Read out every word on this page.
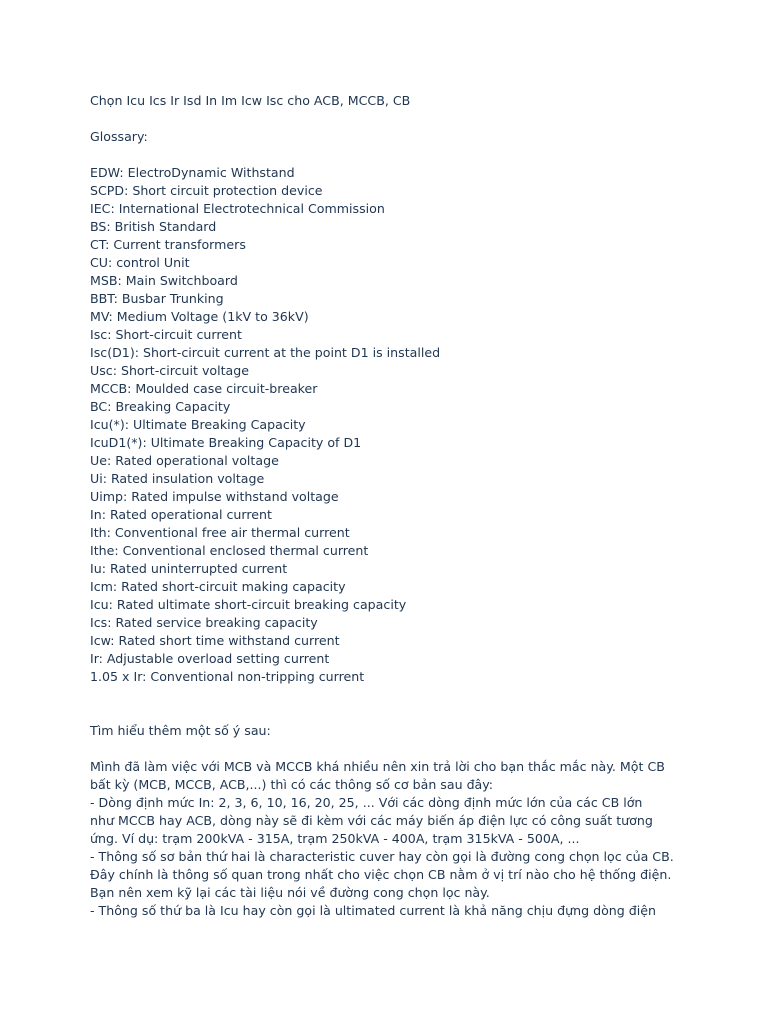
Chọn Icu Ics Ir Isd In Im Icw Isc cho ACB, MCCB, CB

Glossary:

EDW: ElectroDynamic Withstand
SCPD: Short circuit protection device
IEC: International Electrotechnical Commission
BS: British Standard
CT: Current transformers
CU: control Unit
MSB: Main Switchboard
BBT: Busbar Trunking
MV: Medium Voltage (1kV to 36kV)
Isc: Short-circuit current
Isc(D1): Short-circuit current at the point D1 is installed
Usc: Short-circuit voltage
MCCB: Moulded case circuit-breaker
BC: Breaking Capacity
Icu(*): Ultimate Breaking Capacity
IcuD1(*): Ultimate Breaking Capacity of D1
Ue: Rated operational voltage
Ui: Rated insulation voltage
Uimp: Rated impulse withstand voltage
In: Rated operational current
Ith: Conventional free air thermal current
Ithe: Conventional enclosed thermal current
Iu: Rated uninterrupted current
Icm: Rated short-circuit making capacity
Icu: Rated ultimate short-circuit breaking capacity
Ics: Rated service breaking capacity
Icw: Rated short time withstand current
Ir: Adjustable overload setting current
1.05 x Ir: Conventional non-tripping current

Tìm hiểu thêm một số ý sau:

Mình đã làm việc với MCB và MCCB khá nhiều nên xin trả lời cho bạn thắc mắc này. Một CB

bất kỳ (MCB, MCCB, ACB,...) thì có các thông số cơ bản sau đây:

- Dòng định mức In: 2, 3, 6, 10, 16, 20, 25, ... Với các dòng định mức lớn của các CB lớn

như MCCB hay ACB, dòng này sẽ đi kèm với các máy biến áp điện lực có công suất tương

ứng. Ví dụ: trạm 200kVA - 315A, trạm 250kVA - 400A, trạm 315kVA - 500A, ...

- Thông số sơ bản thứ hai là characteristic cuver hay còn gọi là đường cong chọn lọc của CB.

Đây chính là thông số quan trong nhất cho việc chọn CB nằm ở vị trí nào cho hệ thống điện.

Bạn nên xem kỹ lại các tài liệu nói về đường cong chọn lọc này.

- Thông số thứ ba là Icu hay còn gọi là ultimated current là khả năng chịu đựng dòng điện
